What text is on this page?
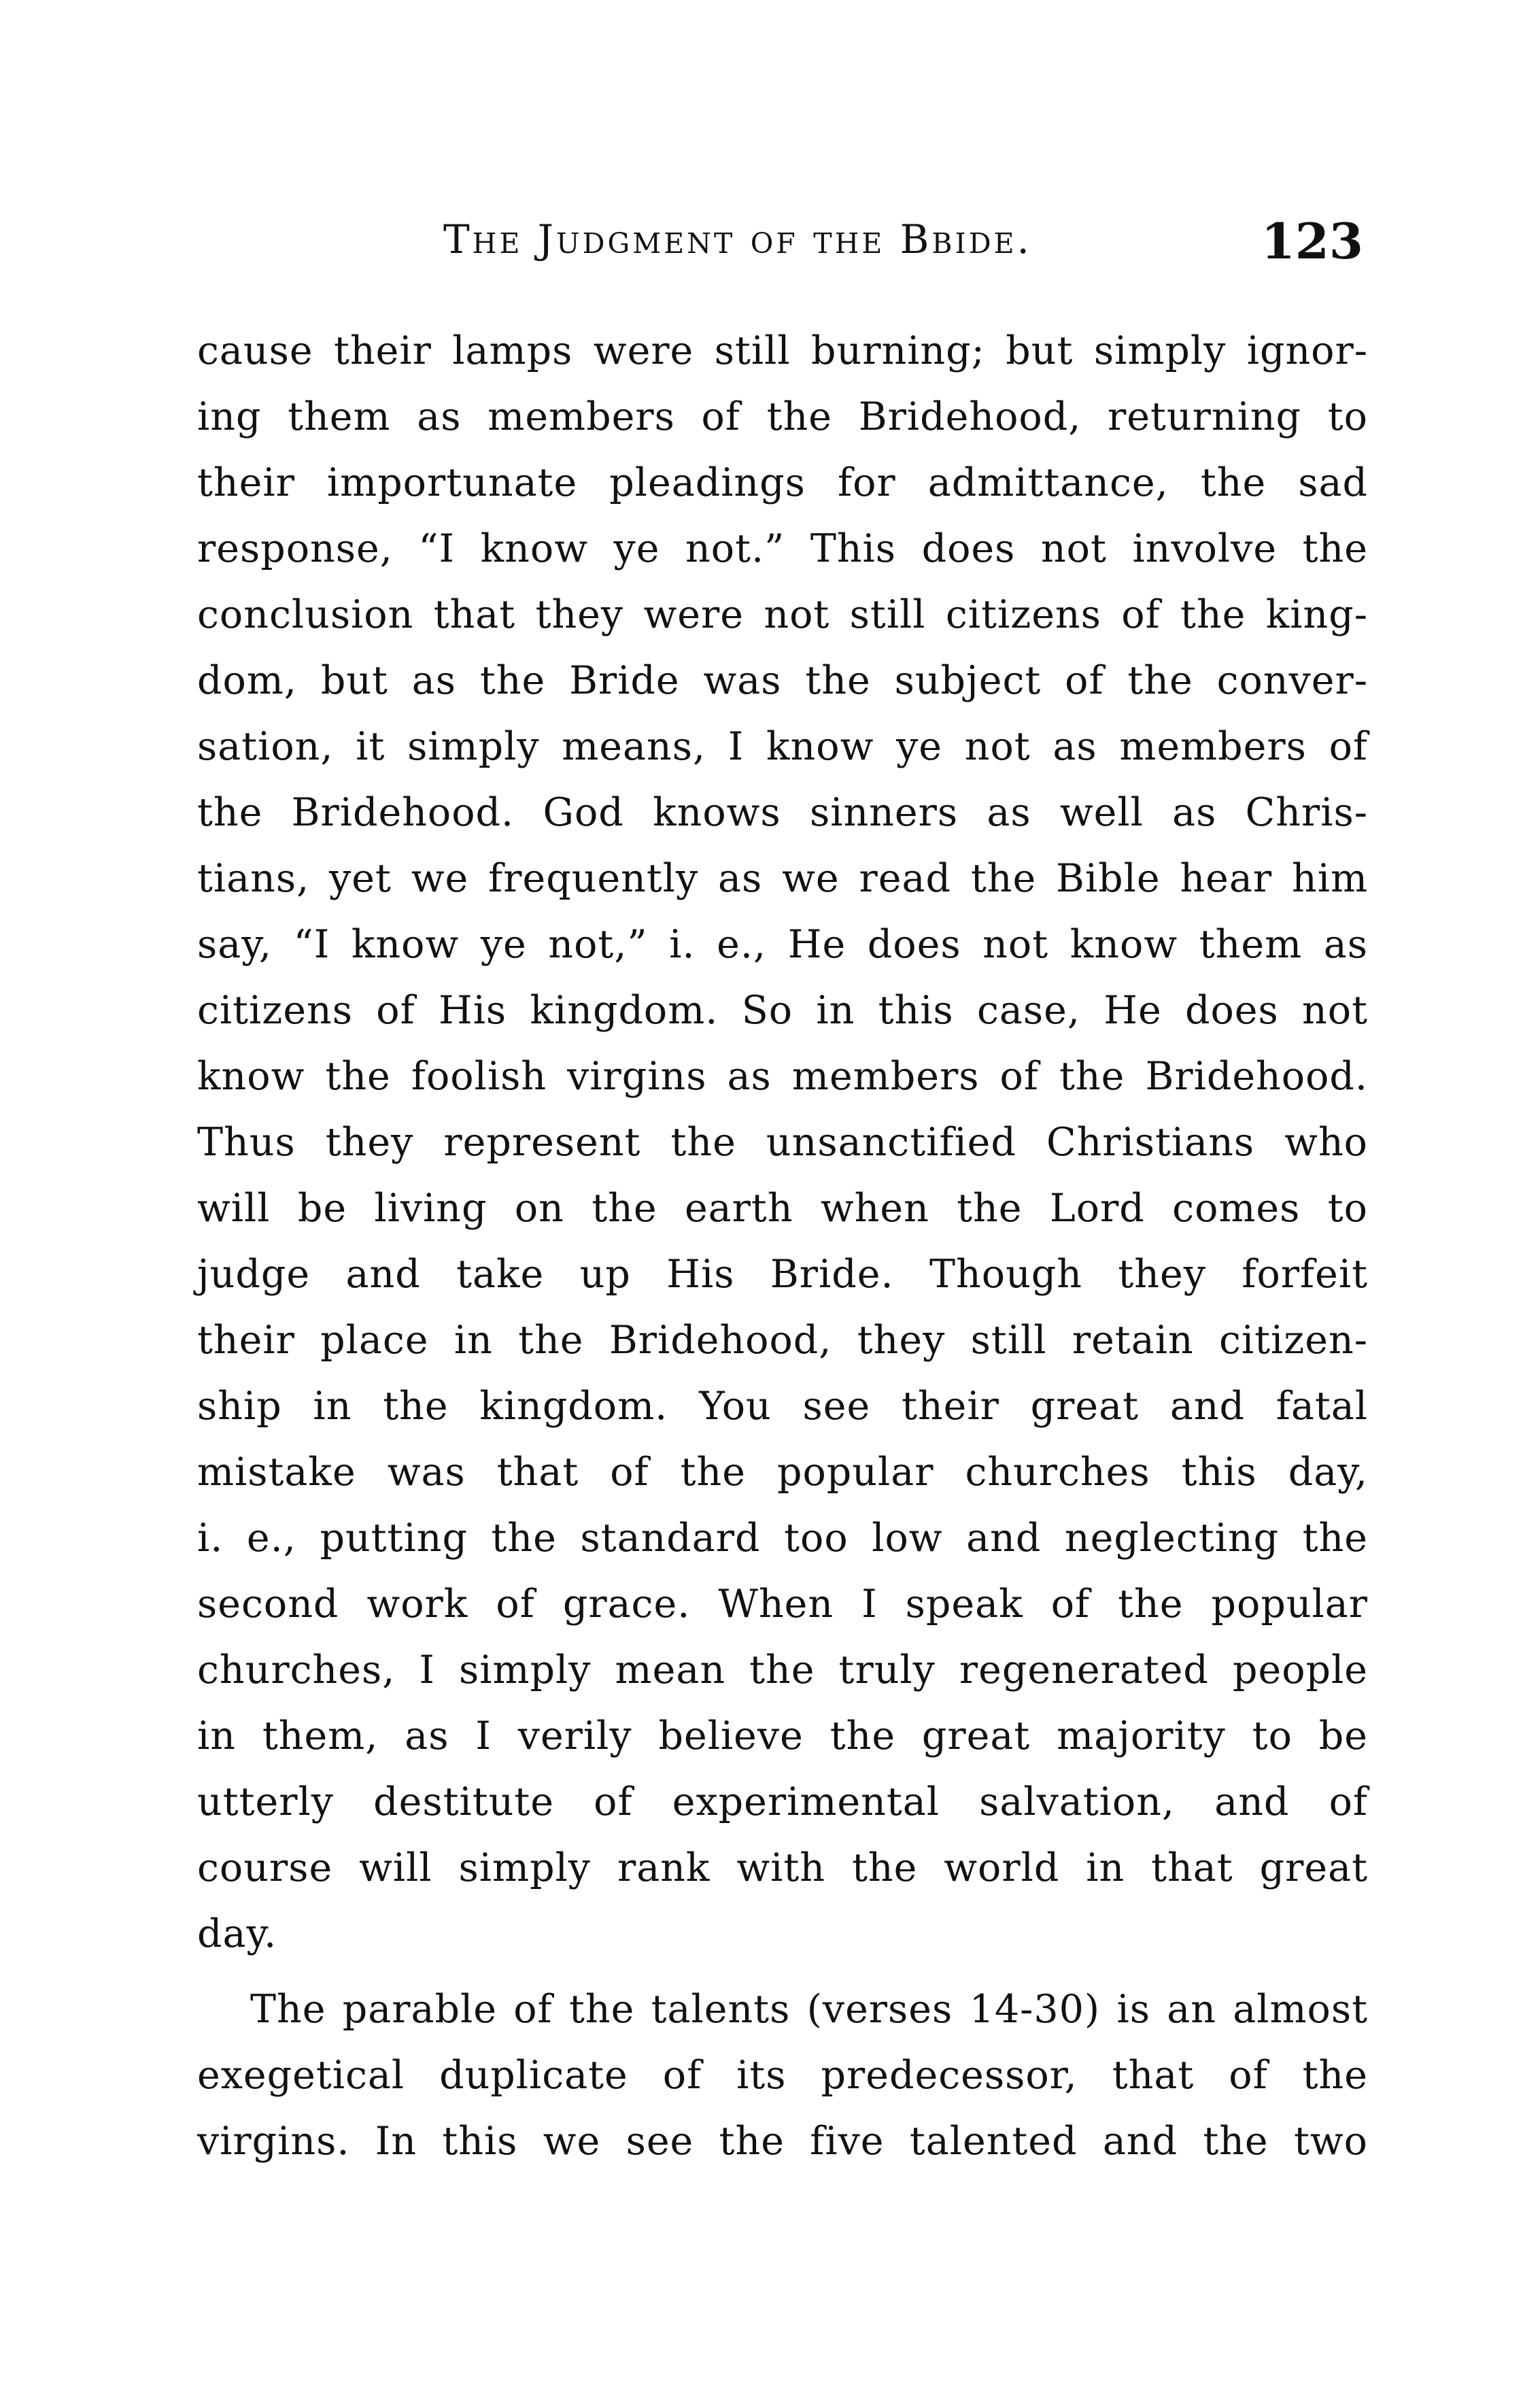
The Judgment of the Bbide.	123
cause their lamps were still burning; but simply ignor-
ing them as members of the Bridehood, returning to
their importunate pleadings for admittance, the sad
response, “I know ye not.” This does not involve the
conclusion that they were not still citizens of the king-
dom, but as the Bride was the subject of the conver-
sation, it simply means, I know ye not as members of
the Bridehood. God knows sinners as well as Chris-
tians, yet we frequently as we read the Bible hear him
say, “I know ye not,” i. e., He does not know them as
citizens of His kingdom. So in this case, He does not
know the foolish virgins as members of the Bridehood.
Thus they represent the unsanctified Christians who
will be living on the earth when the Lord comes to
judge and take up His Bride. Though they forfeit
their place in the Bridehood, they still retain citizen-
ship in the kingdom. You see their great and fatal
mistake was that of the popular churches this day,
i. e., putting the standard too low and neglecting the
second work of grace. When I speak of the popular
churches, I simply mean the truly regenerated people
in them, as I verily believe the great majority to be
utterly destitute of experimental salvation, and of
course will simply rank with the world in that great
day.
The parable of the talents (verses 14-30) is an almost
exegetical duplicate of its predecessor, that of the
virgins. In this we see the five talented and the two
